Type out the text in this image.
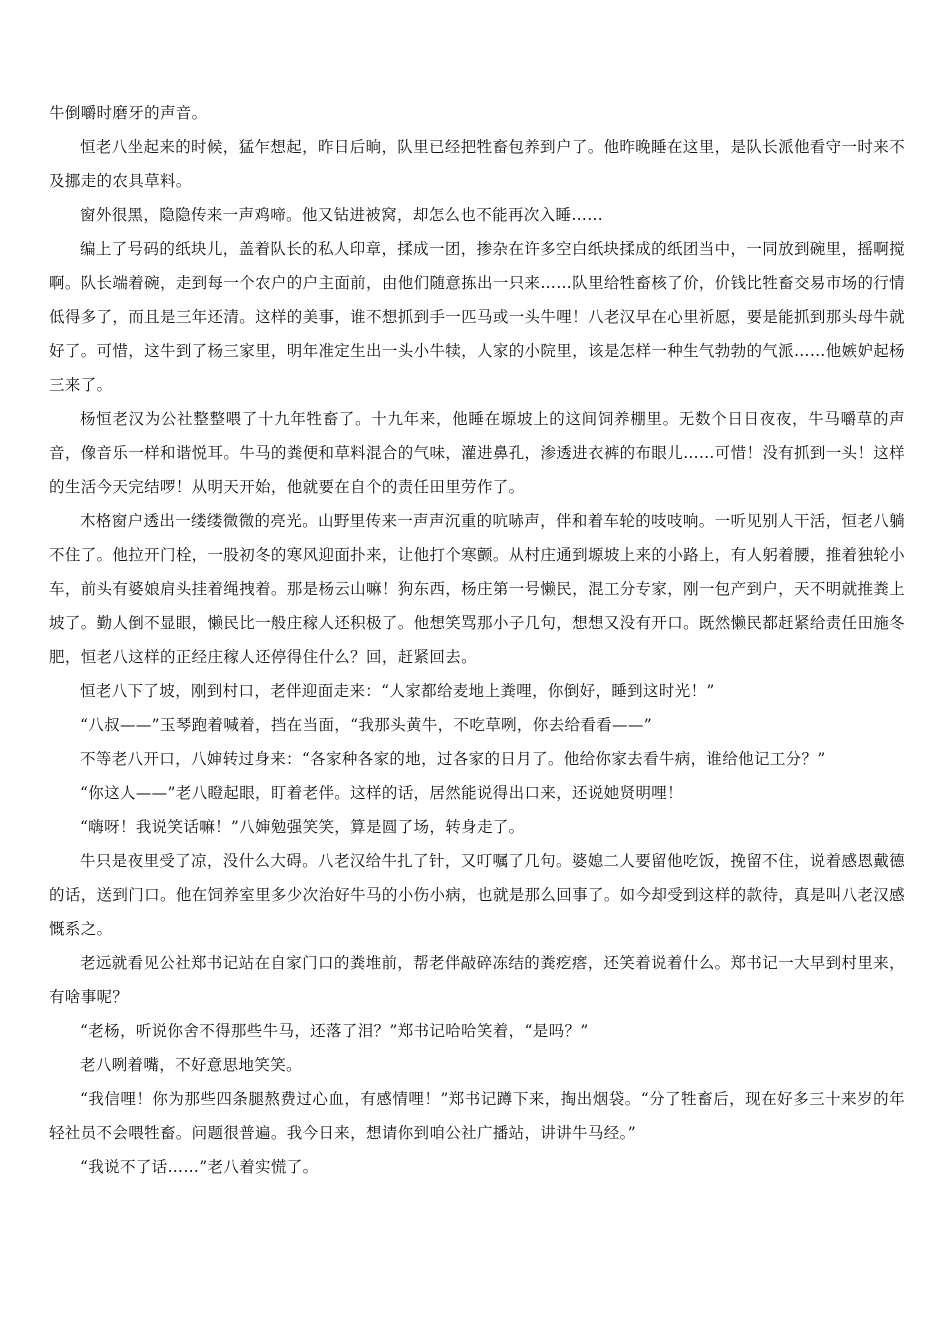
牛倒嚼时磨牙的声音。

恒老八坐起来的时候，猛乍想起，昨日后晌，队里已经把牲畜包养到户了。他昨晚睡在这里，是队长派他看守一时来不及挪走的农具草料。

窗外很黑，隐隐传来一声鸡啼。他又钻进被窝，却怎么也不能再次入睡……

编上了号码的纸块儿，盖着队长的私人印章，揉成一团，掺杂在许多空白纸块揉成的纸团当中，一同放到碗里，摇啊搅啊。队长端着碗，走到每一个农户的户主面前，由他们随意拣出一只来……队里给牲畜核了价，价钱比牲畜交易市场的行情低得多了，而且是三年还清。这样的美事，谁不想抓到手一匹马或一头牛哩！八老汉早在心里祈愿，要是能抓到那头母牛就好了。可惜，这牛到了杨三家里，明年准定生出一头小牛犊，人家的小院里，该是怎样一种生气勃勃的气派……他嫉妒起杨三来了。

杨恒老汉为公社整整喂了十九年牲畜了。十九年来，他睡在塬坡上的这间饲养棚里。无数个日日夜夜，牛马嚼草的声音，像音乐一样和谐悦耳。牛马的粪便和草料混合的气味，灌进鼻孔，渗透进衣裤的布眼儿……可惜！没有抓到一头！这样的生活今天完结啰！从明天开始，他就要在自个的责任田里劳作了。

木格窗户透出一缕缕微微的亮光。山野里传来一声声沉重的吭哧声，伴和着车轮的吱吱响。一听见别人干活，恒老八躺不住了。他拉开门栓，一股初冬的寒风迎面扑来，让他打个寒颤。从村庄通到塬坡上来的小路上，有人躬着腰，推着独轮小车，前头有婆娘肩头挂着绳拽着。那是杨云山嘛！狗东西，杨庄第一号懒民，混工分专家，刚一包产到户，天不明就推粪上坡了。勤人倒不显眼，懒民比一般庄稼人还积极了。他想笑骂那小子几句，想想又没有开口。既然懒民都赶紧给责任田施冬肥，恒老八这样的正经庄稼人还停得住什么？回，赶紧回去。

恒老八下了坡，刚到村口，老伴迎面走来：“人家都给麦地上粪哩，你倒好，睡到这时光！”

“八叔——”玉琴跑着喊着，挡在当面，“我那头黄牛，不吃草咧，你去给看看——”

不等老八开口，八婶转过身来：“各家种各家的地，过各家的日月了。他给你家去看牛病，谁给他记工分？”

“你这人——”老八瞪起眼，盯着老伴。这样的话，居然能说得出口来，还说她贤明哩！

“嗨呀！我说笑话嘛！”八婶勉强笑笑，算是圆了场，转身走了。

牛只是夜里受了凉，没什么大碍。八老汉给牛扎了针，又叮嘱了几句。婆媳二人要留他吃饭，挽留不住，说着感恩戴德的话，送到门口。他在饲养室里多少次治好牛马的小伤小病，也就是那么回事了。如今却受到这样的款待，真是叫八老汉感慨系之。

老远就看见公社郑书记站在自家门口的粪堆前，帮老伴敲碎冻结的粪疙瘩，还笑着说着什么。郑书记一大早到村里来，有啥事呢？

“老杨，听说你舍不得那些牛马，还落了泪？”郑书记哈哈笑着，“是吗？”

老八咧着嘴，不好意思地笑笑。

“我信哩！你为那些四条腿熬费过心血，有感情哩！”郑书记蹲下来，掏出烟袋。“分了牲畜后，现在好多三十来岁的年轻社员不会喂牲畜。问题很普遍。我今日来，想请你到咱公社广播站，讲讲牛马经。”

“我说不了话……”老八着实慌了。
